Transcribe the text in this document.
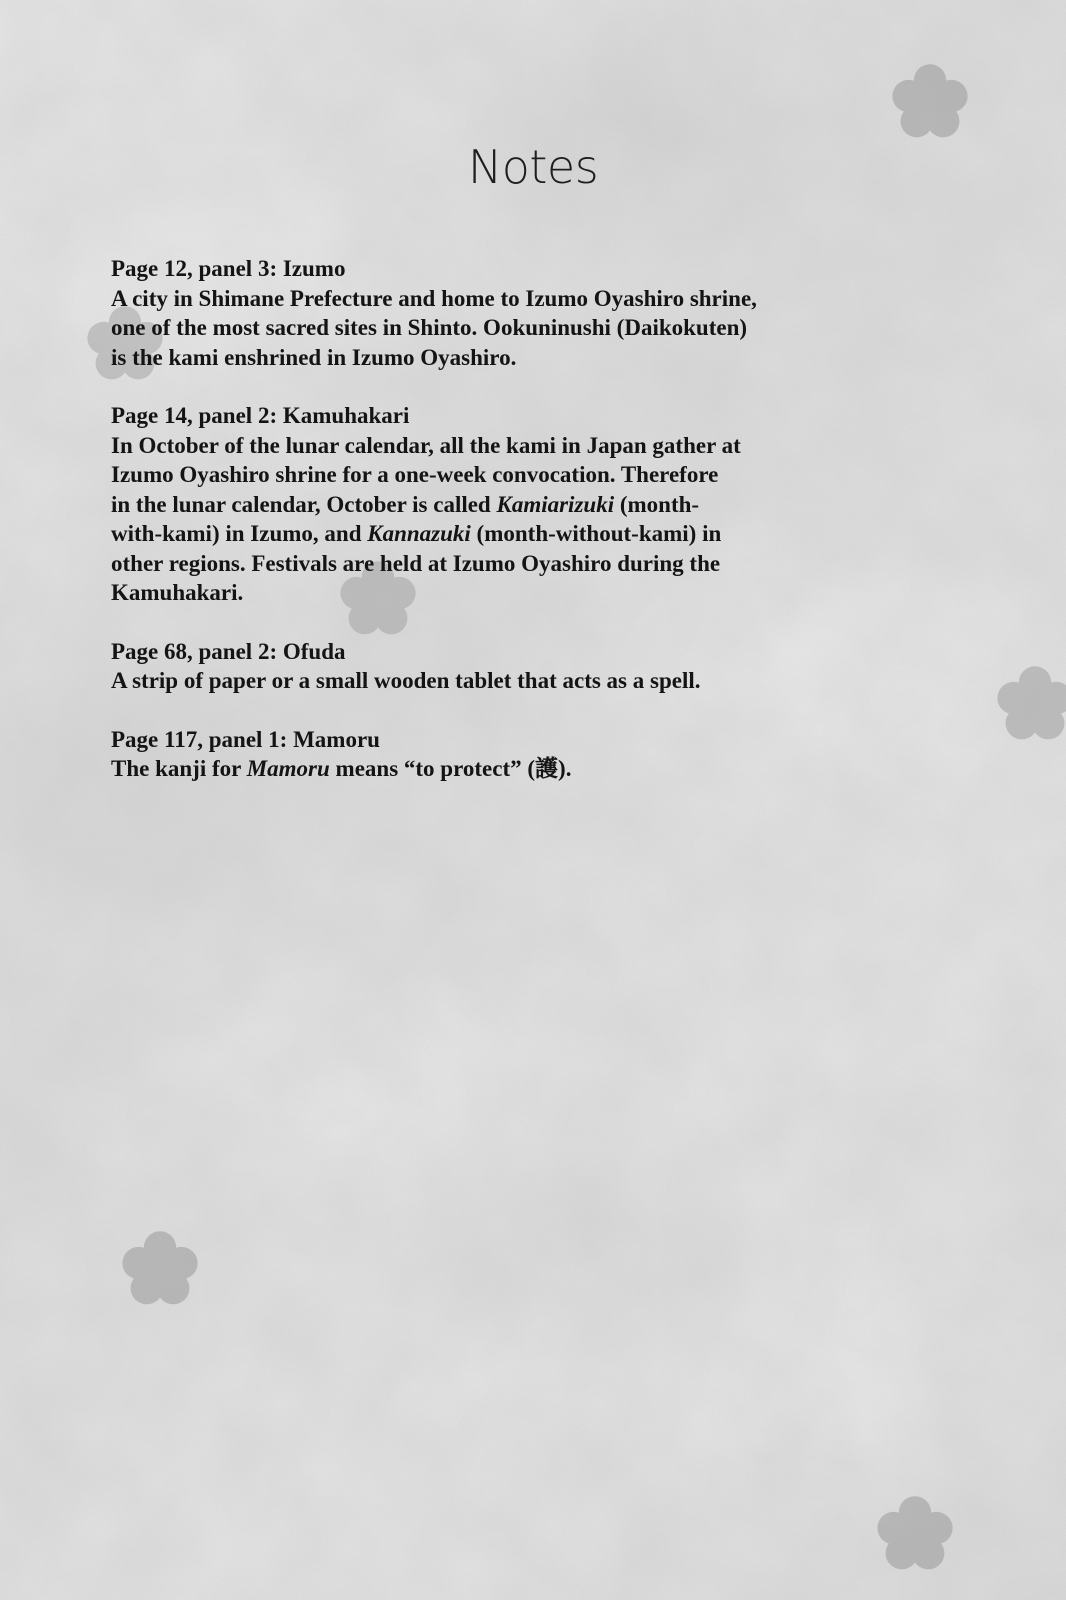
Notes

Page 12, panel 3: Izumo

A city in Shimane Prefecture and home to Izumo Oyashiro shrine,

one of the most sacred sites in Shinto. Ookuninushi (Daikokuten)

is the kami enshrined in Izumo Oyashiro.

Page 14, panel 2: Kamuhakari

In October of the lunar calendar, all the kami in Japan gather at

Izumo Oyashiro shrine for a one-week convocation. Therefore

in the lunar calendar, October is called Kamiarizuki (month-

with-kami) in Izumo, and Kannazuki (month-without-kami) in

other regions. Festivals are held at Izumo Oyashiro during the

Kamuhakari.

Page 68, panel 2: Ofuda

A strip of paper or a small wooden tablet that acts as a spell.

Page 117, panel 1: Mamoru

The kanji for Mamoru means “to protect” (護).
